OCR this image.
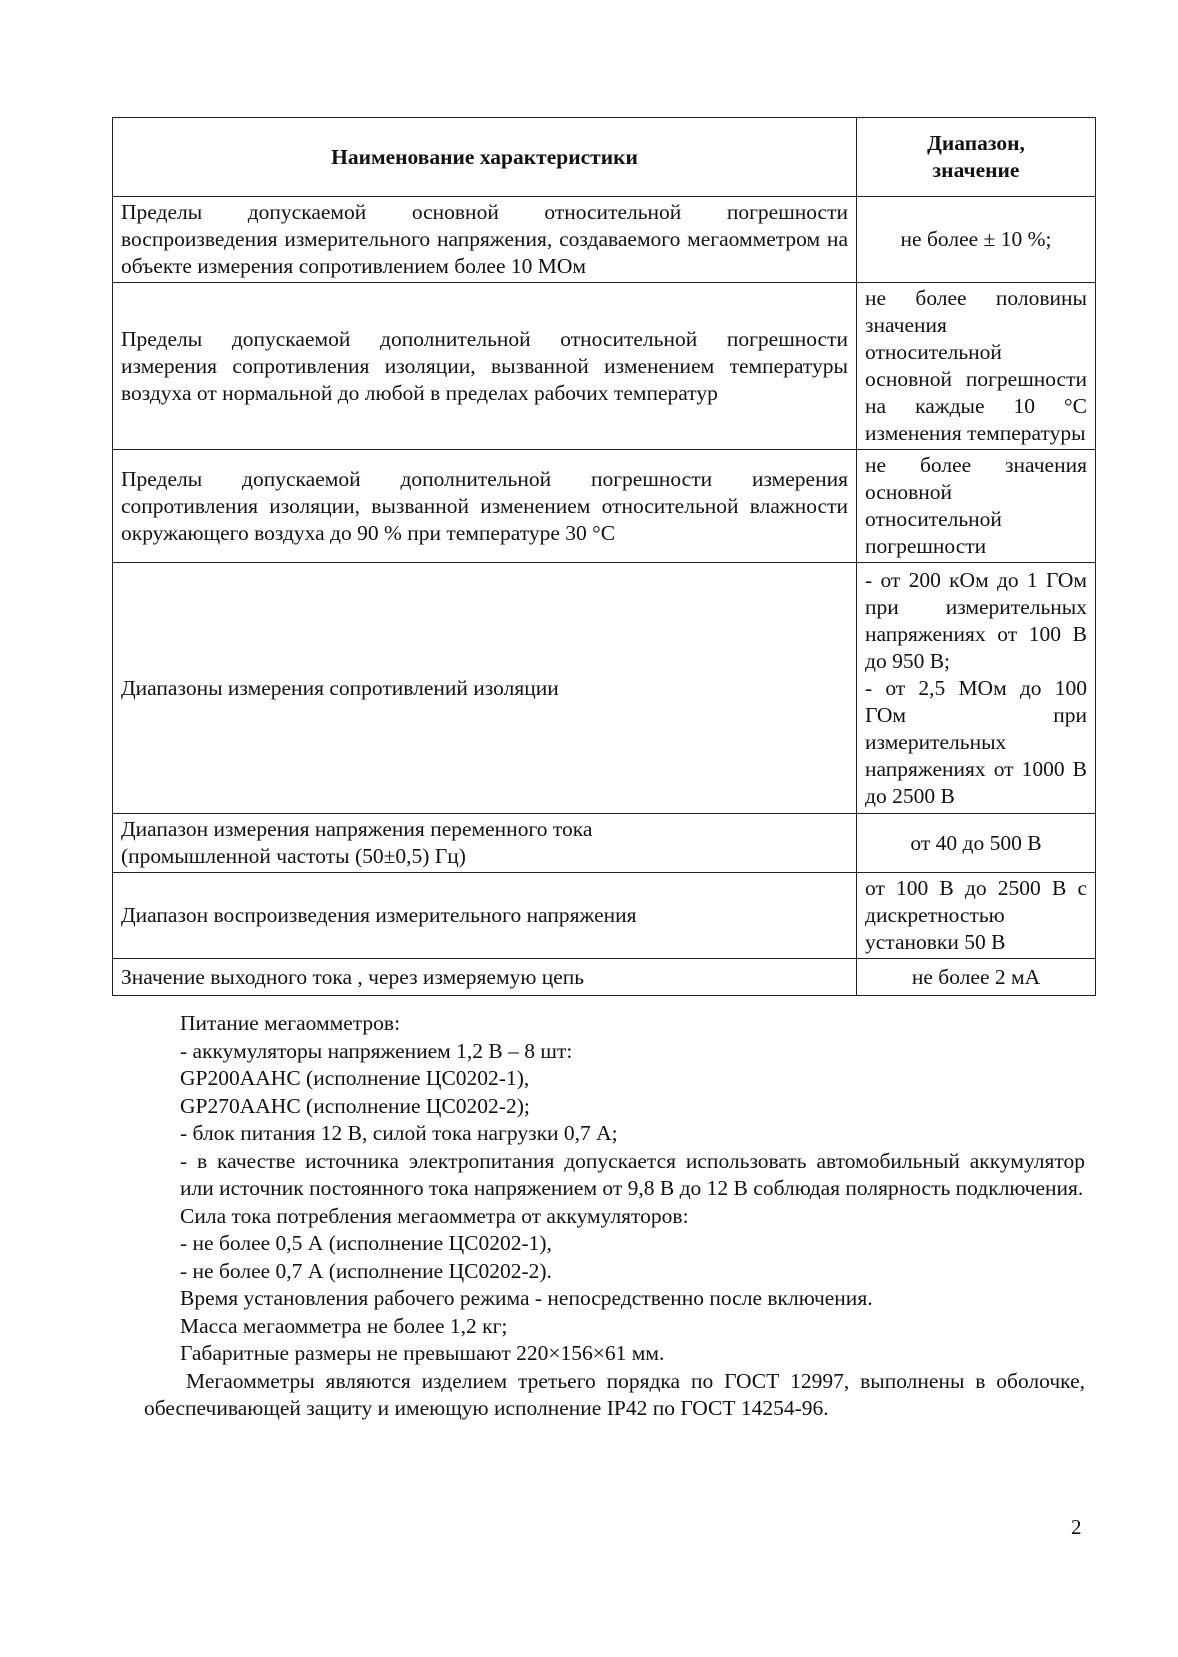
Наименование характеристики	Диапазон,
значение
Пределы допускаемой основной относительной погрешности воспроизведения измерительного напряжения, создаваемого мегаомметром на объекте измерения сопротивлением более 10 МОм	не более ± 10 %;
Пределы допускаемой дополнительной относительной погрешности измерения сопротивления изоляции, вызванной изменением температуры воздуха от нормальной до любой в пределах рабочих температур	не более половины значения относительной основной погрешности на каждые 10 °С изменения температуры
Пределы допускаемой дополнительной погрешности измерения сопротивления изоляции, вызванной изменением относительной влажности окружающего воздуха до 90 % при температуре 30 °С	не более значения основной относительной погрешности
Диапазоны измерения сопротивлений изоляции	- от 200 кОм до 1 ГОм при измерительных напряжениях от 100 В до 950 В;
- от 2,5 МОм до 100 ГОм при измерительных напряжениях от 1000 В до 2500 В
Диапазон измерения напряжения переменного тока
(промышленной частоты (50±0,5) Гц)	от 40 до 500 В
Диапазон воспроизведения измерительного напряжения	от 100 В до 2500 В с дискретностью установки 50 В
Значение выходного тока , через измеряемую цепь	не более 2 мА

Питание мегаомметров:

- аккумуляторы напряжением 1,2 В – 8 шт:

GP200AAHC (исполнение ЦС0202-1),

GP270AAHC (исполнение ЦС0202-2);

- блок питания 12 В, силой тока нагрузки 0,7 А;

- в качестве источника электропитания допускается использовать автомобильный аккумулятор или источник постоянного тока напряжением от 9,8 В до 12 В соблюдая полярность подключения.

Сила тока потребления мегаомметра от аккумуляторов:

- не более 0,5 А (исполнение ЦС0202-1),

- не более 0,7 А (исполнение ЦС0202-2).

Время установления рабочего режима - непосредственно после включения.

Масса мегаомметра не более 1,2 кг;

Габаритные размеры не превышают 220×156×61 мм.

Мегаомметры являются изделием третьего порядка по ГОСТ 12997, выполнены в оболочке, обеспечивающей защиту и имеющую исполнение IP42 по ГОСТ 14254-96.

2
